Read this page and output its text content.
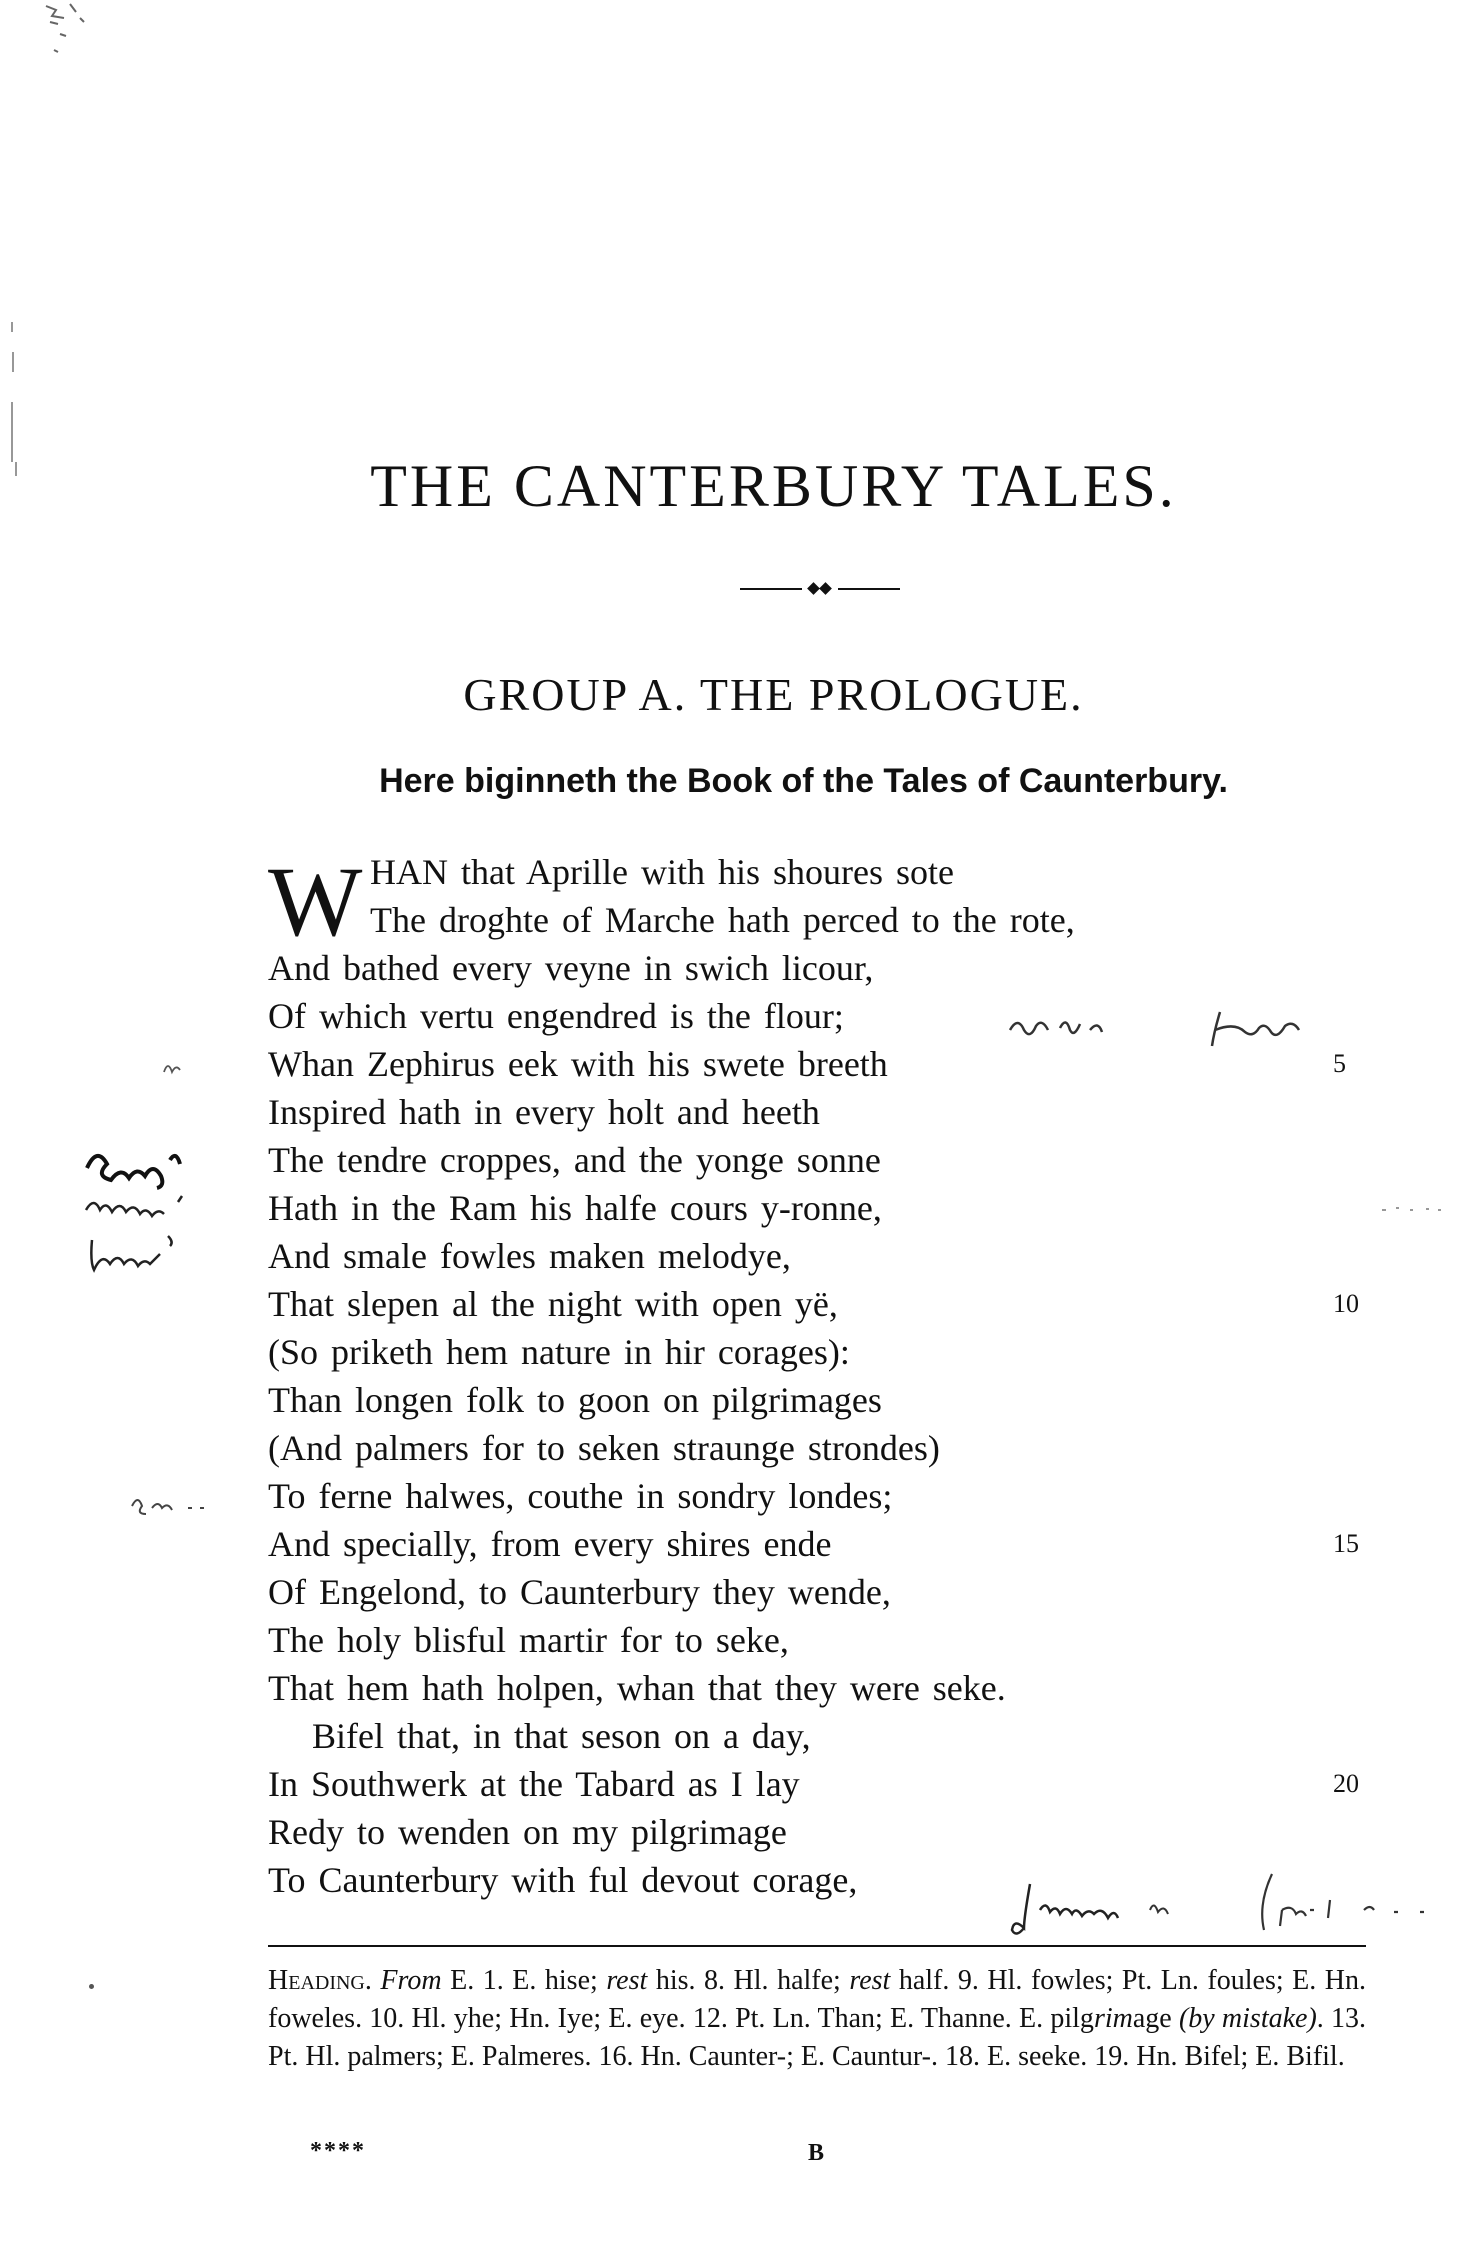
THE CANTERBURY TALES.
GROUP A. THE PROLOGUE.
Here biginneth the Book of the Tales of Caunterbury.
W HAN that Aprille with his shoures sote
The droghte of Marche hath perced to the rote,
And bathed every veyne in swich licour,
Of which vertu engendred is the flour;
Whan Zephirus eek with his swete breeth	5
Inspired hath in every holt and heeth
The tendre croppes, and the yonge sonne
Hath in the Ram his halfe cours y-ronne,
And smale fowles maken melodye,
That slepen al the night with open yë,	10
(So priketh hem nature in hir corages):
Than longen folk to goon on pilgrimages
(And palmers for to seken straunge strondes)
To ferne halwes, couthe in sondry londes;
And specially, from every shires ende	15
Of Engelond, to Caunterbury they wende,
The holy blisful martir for to seke,
That hem hath holpen, whan that they were seke.
Bifel that, in that seson on a day,
In Southwerk at the Tabard as I lay	20
Redy to wenden on my pilgrimage
To Caunterbury with ful devout corage,
Heading. From E. 1. E. hise; rest his. 8. Hl. halfe; rest half. 9. Hl. fowles; Pt. Ln. foules; E. Hn. foweles. 10. Hl. yhe; Hn. Iye; E. eye. 12. Pt. Ln. Than; E. Thanne. E. pilgrimage (by mistake). 13. Pt. Hl. palmers; E. Palmeres. 16. Hn. Caunter-; E. Cauntur-. 18. E. seeke. 19. Hn. Bifel; E. Bifil.
****	B
